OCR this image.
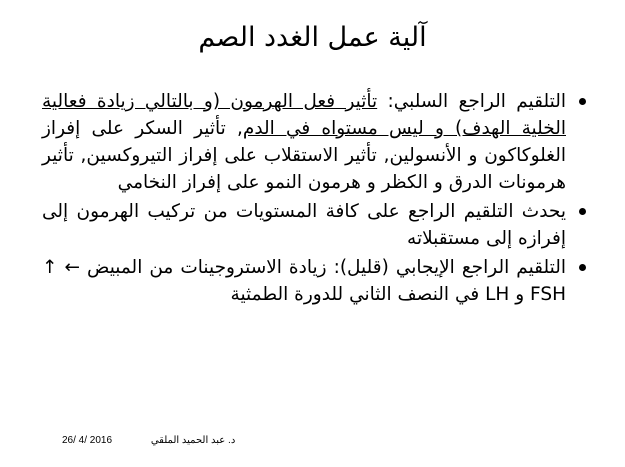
آلية عمل الغدد الصم
التلقيم الراجع السلبي: تأثير فعل الهرمون (و بالتالي زيادة فعالية الخلية الهدف) و ليس مستواه في الدم, تأثير السكر على إفراز الغلوكاكون و الأنسولين, تأثير الاستقلاب على إفراز التيروكسين, تأثير هرمونات الدرق و الكظر و هرمون النمو على إفراز النخامي
يحدث التلقيم الراجع على كافة المستويات من تركيب الهرمون إلى إفرازه إلى مستقبلاته
التلقيم الراجع الإيجابي (قليل): زيادة الاستروجينات من المبيض ← ↑ FSH و LH في النصف الثاني للدورة الطمثية
26/ 4/ 2016	د. عبد الحميد الملقي
